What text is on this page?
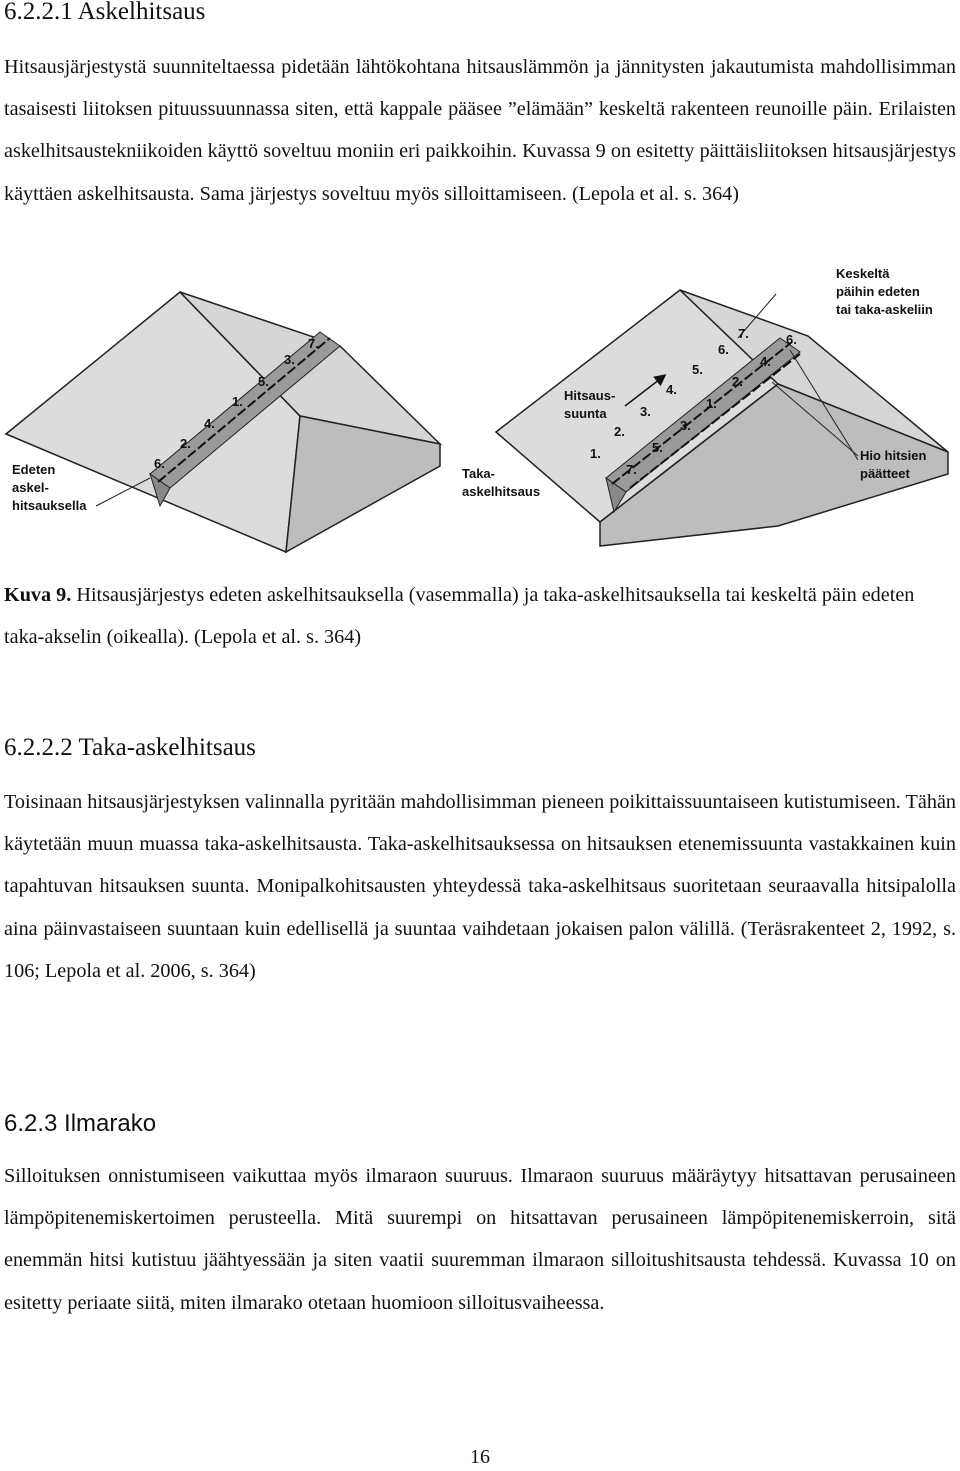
6.2.2.1 Askelhitsaus

Hitsausjärjestystä suunniteltaessa pidetään lähtökohtana hitsauslämmön ja jännitysten jakautumista mahdollisimman tasaisesti liitoksen pituussuunnassa siten, että kappale pääsee ”elämään” keskeltä rakenteen reunoille päin. Erilaisten askelhitsaustekniikoiden käyttö soveltuu moniin eri paikkoihin. Kuvassa 9 on esitetty päittäisliitoksen hitsausjärjestys käyttäen askelhitsausta. Sama järjestys soveltuu myös silloittamiseen. (Lepola et al. s. 364)

7.
3.
5.
1.
4.
2.
6.
Edeten
askel-
hitsauksella
7.
6.
5.
4.
3.
2.
1.
6.
4.
2.
1.
3.
5.
7.
Keskeltä
päihin edeten
tai taka-askeliin
Hitsaus-
suunta
Taka-
askelhitsaus
Hio hitsien
päätteet

Kuva 9. Hitsausjärjestys edeten askelhitsauksella (vasemmalla) ja taka-askelhitsauksella tai keskeltä päin edeten taka-akselin (oikealla). (Lepola et al. s. 364)

6.2.2.2 Taka-askelhitsaus

Toisinaan hitsausjärjestyksen valinnalla pyritään mahdollisimman pieneen poikittaissuuntaiseen kutistumiseen. Tähän käytetään muun muassa taka-askelhitsausta. Taka-askelhitsauksessa on hitsauksen etenemissuunta vastakkainen kuin tapahtuvan hitsauksen suunta. Monipalkohitsausten yhteydessä taka-askelhitsaus suoritetaan seuraavalla hitsipalolla aina päinvastaiseen suuntaan kuin edellisellä ja suuntaa vaihdetaan jokaisen palon välillä. (Teräsrakenteet 2, 1992, s. 106; Lepola et al. 2006, s. 364)

6.2.3 Ilmarako

Silloituksen onnistumiseen vaikuttaa myös ilmaraon suuruus. Ilmaraon suuruus määräytyy hitsattavan perusaineen lämpöpitenemiskertoimen perusteella. Mitä suurempi on hitsattavan perusaineen lämpöpitenemiskerroin, sitä enemmän hitsi kutistuu jäähtyessään ja siten vaatii suuremman ilmaraon silloitushitsausta tehdessä. Kuvassa 10 on esitetty periaate siitä, miten ilmarako otetaan huomioon silloitusvaiheessa.

16
